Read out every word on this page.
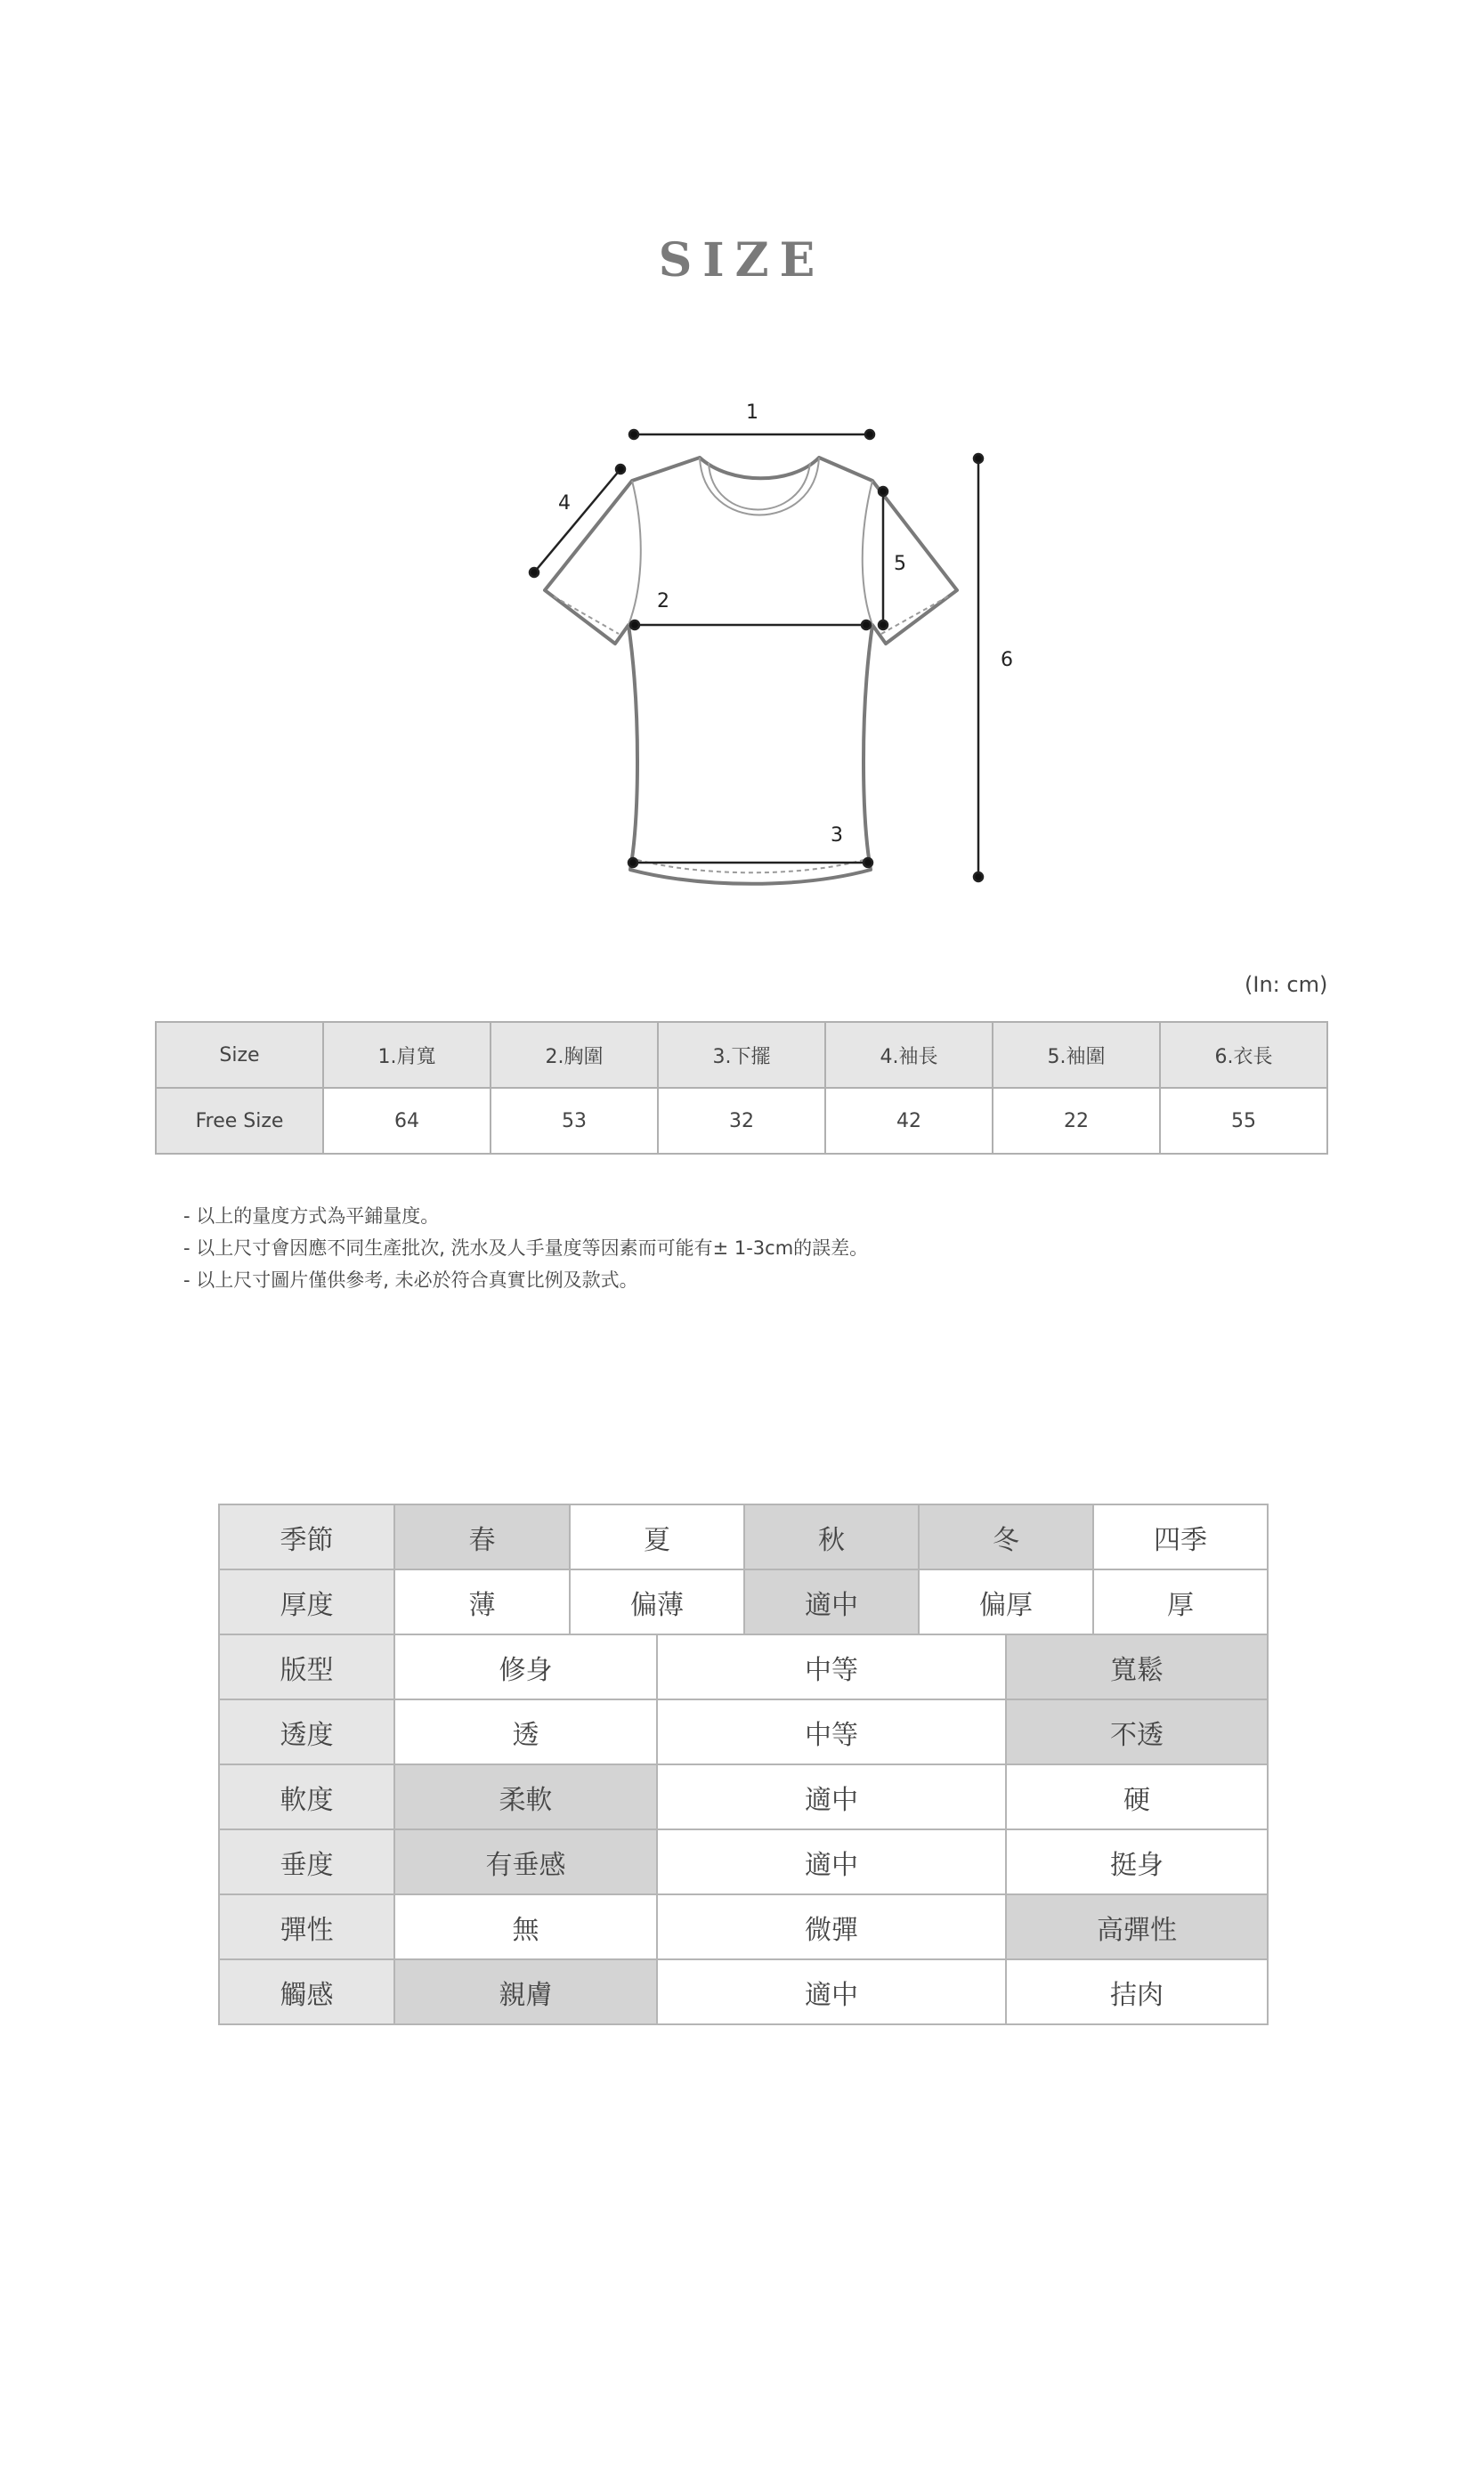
SIZE
1
2
3
4
5
6
(In: cm)
Size	1.肩寬	2.胸圍	3.下擺	4.袖長	5.袖圍	6.衣長
Free Size	64	53	32	42	22	55
- 以上的量度方式為平鋪量度。
- 以上尺寸會因應不同生產批次, 洗水及人手量度等因素而可能有± 1-3cm的誤差。
- 以上尺寸圖片僅供參考, 未必於符合真實比例及款式。
季節	春	夏		秋	冬		四季
厚度	薄	偏薄		適中	偏厚		厚
版型	修身		中等			寬鬆	
透度	透		中等			不透	
軟度	柔軟		適中			硬	
垂度	有垂感		適中			挺身	
彈性	無		微彈			高彈性	
觸感	親膚		適中			拮肉	
